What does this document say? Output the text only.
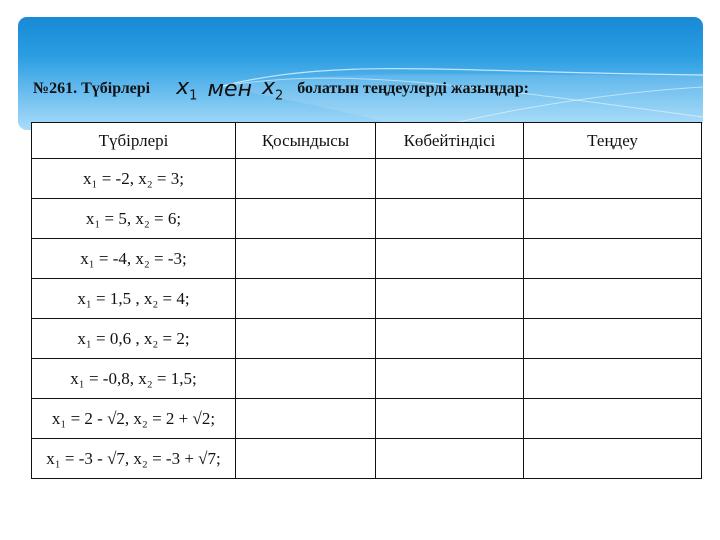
№261. Түбірлері $x_1$ мен $x_2$ болатын теңдеулерді жазыңдар:
Түбірлері	Қосындысы	Көбейтіндісі	Теңдеу
x₁ = -2, x₂ = 3;			
x₁ = 5, x₂ = 6;			
x₁ = -4, x₂ = -3;			
x₁ = 1,5 , x₂ = 4;			
x₁ = 0,6 , x₂ = 2;			
x₁ = -0,8, x₂ = 1,5;			
x₁ = 2 - √2, x₂ = 2 + √2;			
x₁ = -3 - √7, x₂ = -3 + √7;			
